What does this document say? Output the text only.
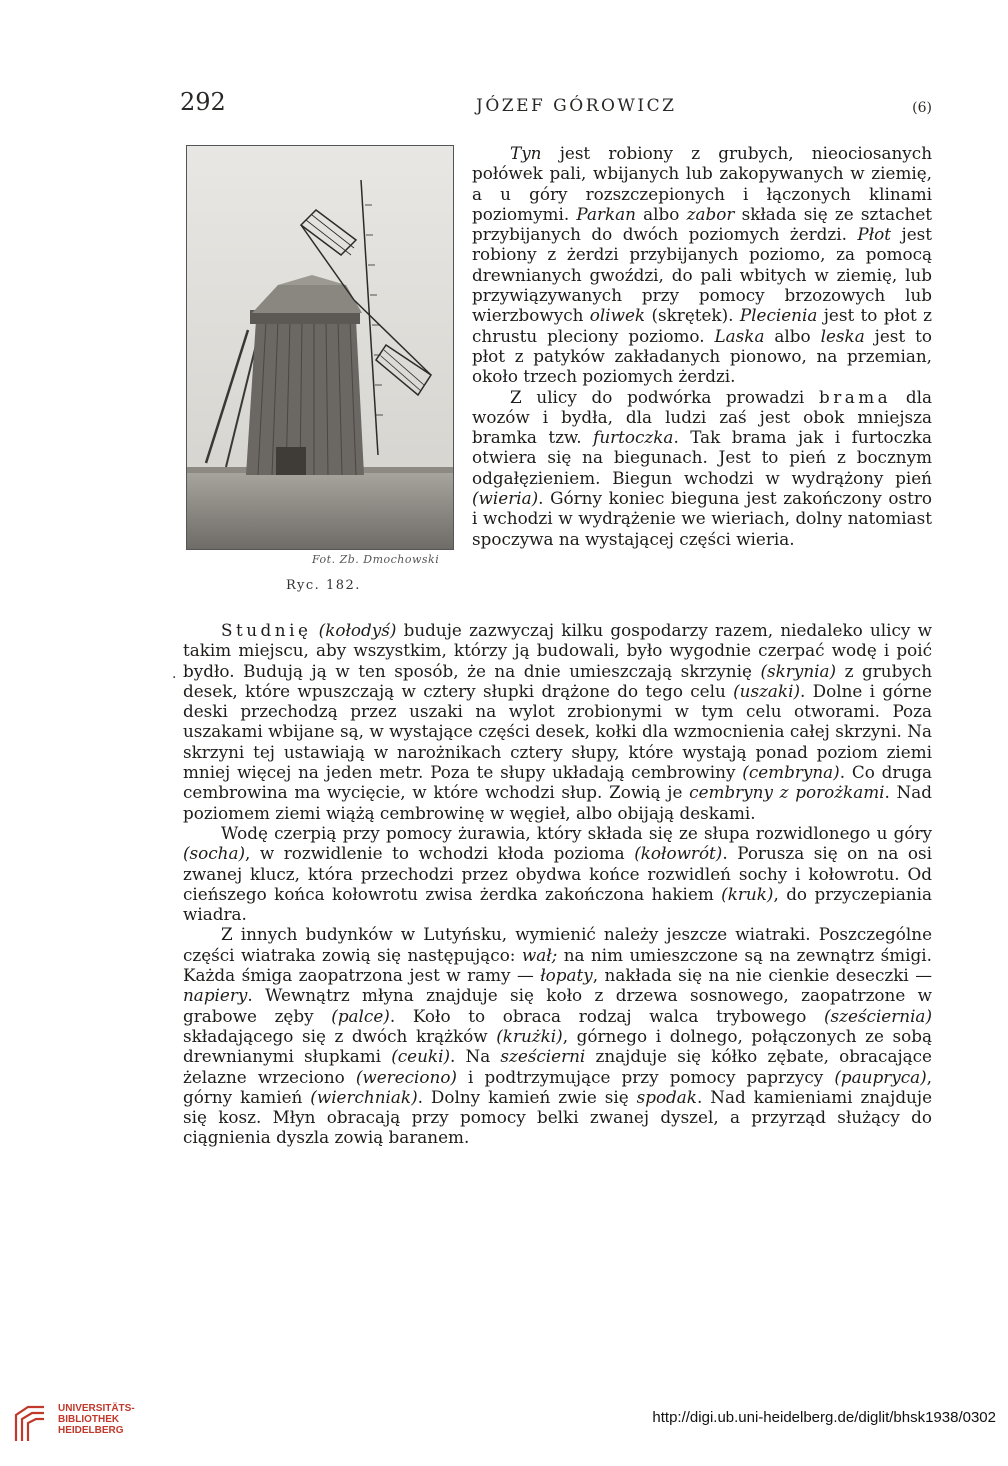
292	JÓZEF GÓROWICZ	(6)
Fot. Zb. Dmochowski
Ryc. 182.

Tyn jest robiony z grubych, nieociosanych połówek pali, wbijanych lub zakopywanych w ziemię, a u góry rozszczepionych i łączonych klinami poziomymi. Parkan albo zabor składa się ze sztachet przybijanych do dwóch poziomych żerdzi. Płot jest robiony z żerdzi przybijanych poziomo, za pomocą drewnianych gwoździ, do pali wbitych w ziemię, lub przywiązywanych przy pomocy brzozowych lub wierzbowych oliwek (skrętek). Plecienia jest to płot z chrustu pleciony poziomo. Laska albo leska jest to płot z patyków zakładanych pionowo, na przemian, około trzech poziomych żerdzi.

Z ulicy do podwórka prowadzi brama dla wozów i bydła, dla ludzi zaś jest obok mniejsza bramka tzw. furtoczka. Tak brama jak i furtoczka otwiera się na biegunach. Jest to pień z bocznym odgałęzieniem. Biegun wchodzi w wydrążony pień (wieria). Górny koniec bieguna jest zakończony ostro i wchodzi w wydrążenie we wieriach, dolny natomiast spoczywa na wystającej części wieria.

.

Studnię (kołodyś) buduje zazwyczaj kilku gospodarzy razem, niedaleko ulicy w takim miejscu, aby wszystkim, którzy ją budowali, było wygodnie czerpać wodę i poić bydło. Budują ją w ten sposób, że na dnie umieszczają skrzynię (skrynia) z grubych desek, które wpuszczają w cztery słupki drążone do tego celu (uszaki). Dolne i górne deski przechodzą przez uszaki na wylot zrobionymi w tym celu otworami. Poza uszakami wbijane są, w wystające części desek, kołki dla wzmocnienia całej skrzyni. Na skrzyni tej ustawiają w narożnikach cztery słupy, które wystają ponad poziom ziemi mniej więcej na jeden metr. Poza te słupy układają cembrowiny (cembryna). Co druga cembrowina ma wycięcie, w które wchodzi słup. Zowią je cembryny z porożkami. Nad poziomem ziemi wiążą cembrowinę w węgieł, albo obijają deskami.

Wodę czerpią przy pomocy żurawia, który składa się ze słupa rozwidlonego u góry (socha), w rozwidlenie to wchodzi kłoda pozioma (kołowrót). Porusza się on na osi zwanej klucz, która przechodzi przez obydwa końce rozwidleń sochy i kołowrotu. Od cieńszego końca kołowrotu zwisa żerdka zakończona hakiem (kruk), do przyczepiania wiadra.

Z innych budynków w Lutyńsku, wymienić należy jeszcze wiatraki. Poszczególne części wiatraka zowią się następująco: wał; na nim umieszczone są na zewnątrz śmigi. Każda śmiga zaopatrzona jest w ramy — łopaty, nakłada się na nie cienkie deseczki — napiery. Wewnątrz młyna znajduje się koło z drzewa sosnowego, zaopatrzone w grabowe zęby (palce). Koło to obraca rodzaj walca trybowego (sześciernia) składającego się z dwóch krążków (krużki), górnego i dolnego, połączonych ze sobą drewnianymi słupkami (ceuki). Na sześcierni znajduje się kółko zębate, obracające żelazne wrzeciono (wereciono) i podtrzymujące przy pomocy paprzycy (paupryca), górny kamień (wierchniak). Dolny kamień zwie się spodak. Nad kamieniami znajduje się kosz. Młyn obracają przy pomocy belki zwanej dyszel, a przyrząd służący do ciągnienia dyszla zowią baranem.

UNIVERSITÄTS-
BIBLIOTHEK
HEIDELBERG
http://digi.ub.uni-heidelberg.de/diglit/bhsk1938/0302
